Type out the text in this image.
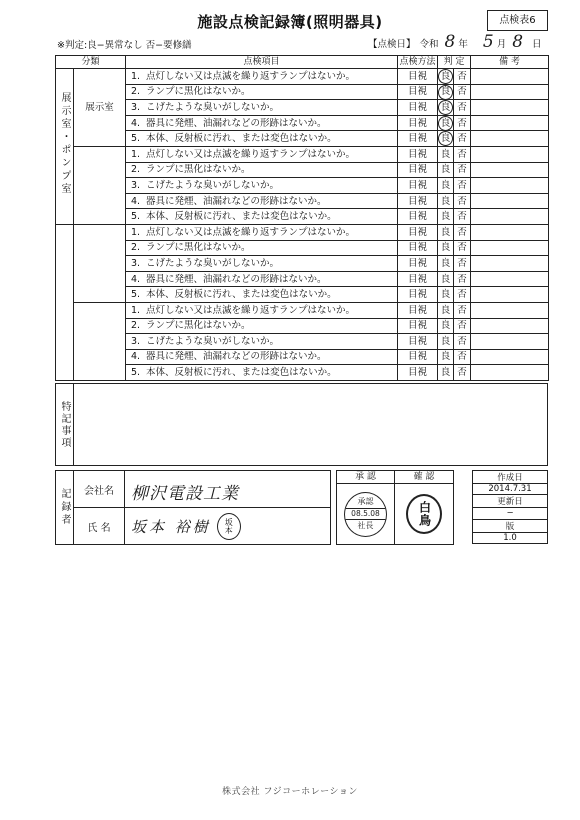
施設点検記録簿(照明器具)	点検表6
※判定:良−異常なし 否−要修繕	【点検日】 令和 8 年 5 月 8 日
分類		点検項目	点検方法	判 定		備 考
展示室・ポンプ室	展示室	1. 点灯しない又は点滅を繰り返すランプはないか。	目視	良	否	
		2. ランプに黒化はないか。	目視	良	否	
		3. こげたような臭いがしないか。	目視	良	否	
		4. 器具に発煙、油漏れなどの形跡はないか。	目視	良	否	
		5. 本体、反射板に汚れ、または変色はないか。	目視	良	否	
		1. 点灯しない又は点滅を繰り返すランプはないか。	目視	良	否	
		2. ランプに黒化はないか。	目視	良	否	
		3. こげたような臭いがしないか。	目視	良	否	
		4. 器具に発煙、油漏れなどの形跡はないか。	目視	良	否	
		5. 本体、反射板に汚れ、または変色はないか。	目視	良	否	
		1. 点灯しない又は点滅を繰り返すランプはないか。	目視	良	否	
		2. ランプに黒化はないか。	目視	良	否	
		3. こげたような臭いがしないか。	目視	良	否	
		4. 器具に発煙、油漏れなどの形跡はないか。	目視	良	否	
		5. 本体、反射板に汚れ、または変色はないか。	目視	良	否	
		1. 点灯しない又は点滅を繰り返すランプはないか。	目視	良	否	
		2. ランプに黒化はないか。	目視	良	否	
		3. こげたような臭いがしないか。	目視	良	否	
		4. 器具に発煙、油漏れなどの形跡はないか。	目視	良	否	
		5. 本体、反射板に汚れ、または変色はないか。	目視	良	否	
特記事項
記録者	会社名	柳沢電設工業
氏 名	坂本 裕樹 坂本
承 認	確 認
承認
08.5.08
社長	白鳥
作成日
2014.7.31
更新日
−
版
1.0
株式会社 フジコーホレーション
